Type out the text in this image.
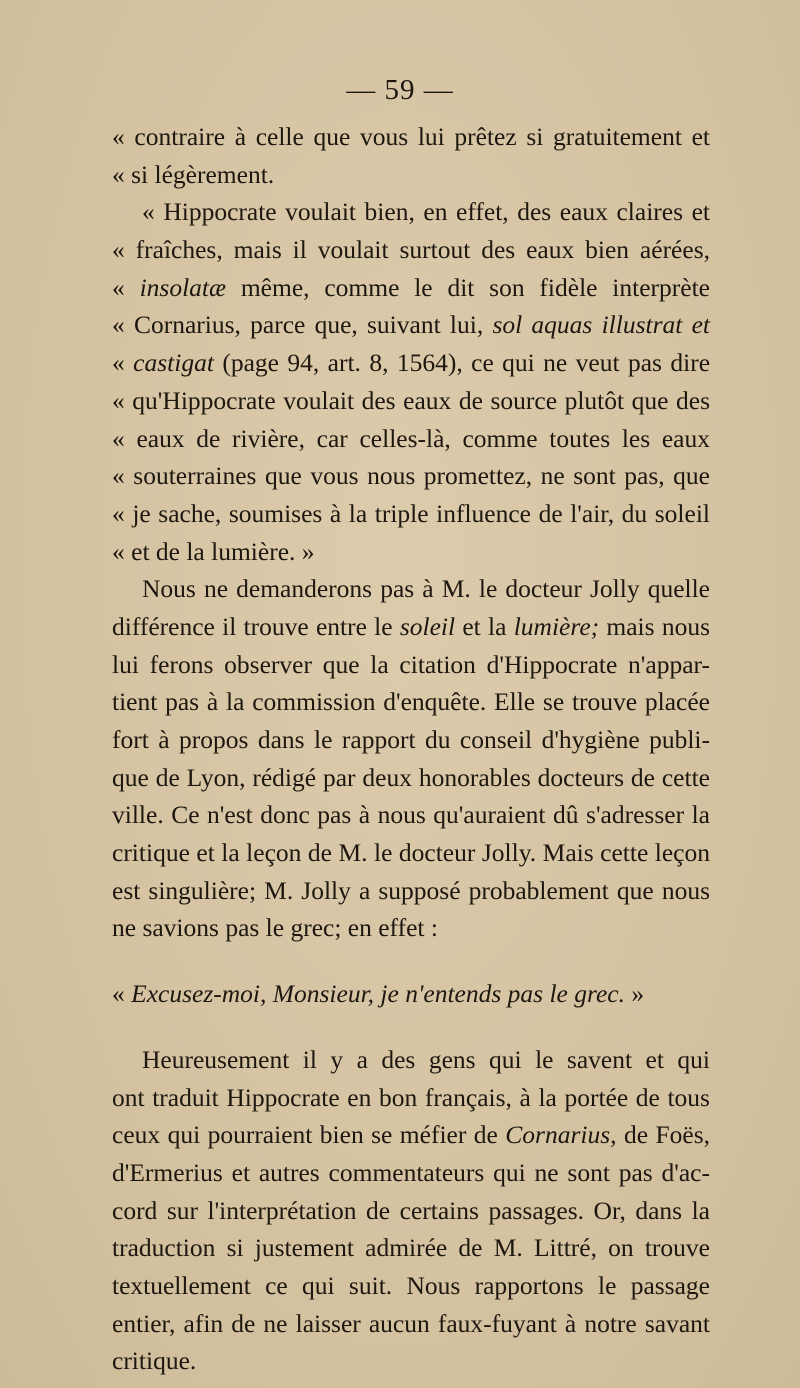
— 59 —
« contraire à celle que vous lui prêtez si gratuitement et
« si légèrement.
« Hippocrate voulait bien, en effet, des eaux claires et
« fraîches, mais il voulait surtout des eaux bien aérées,
« insolatæ même, comme le dit son fidèle interprète
« Cornarius, parce que, suivant lui, sol aquas illustrat et
« castigat (page 94, art. 8, 1564), ce qui ne veut pas dire
« qu'Hippocrate voulait des eaux de source plutôt que des
« eaux de rivière, car celles-là, comme toutes les eaux
« souterraines que vous nous promettez, ne sont pas, que
« je sache, soumises à la triple influence de l'air, du soleil
« et de la lumière. »
Nous ne demanderons pas à M. le docteur Jolly quelle
différence il trouve entre le soleil et la lumière; mais nous
lui ferons observer que la citation d'Hippocrate n'appar-
tient pas à la commission d'enquête. Elle se trouve placée
fort à propos dans le rapport du conseil d'hygiène publi-
que de Lyon, rédigé par deux honorables docteurs de cette
ville. Ce n'est donc pas à nous qu'auraient dû s'adresser la
critique et la leçon de M. le docteur Jolly. Mais cette leçon
est singulière; M. Jolly a supposé probablement que nous
ne savions pas le grec; en effet :
« Excusez-moi, Monsieur, je n'entends pas le grec. »
Heureusement il y a des gens qui le savent et qui
ont traduit Hippocrate en bon français, à la portée de tous
ceux qui pourraient bien se méfier de Cornarius, de Foës,
d'Ermerius et autres commentateurs qui ne sont pas d'ac-
cord sur l'interprétation de certains passages. Or, dans la
traduction si justement admirée de M. Littré, on trouve
textuellement ce qui suit. Nous rapportons le passage
entier, afin de ne laisser aucun faux-fuyant à notre savant
critique.
